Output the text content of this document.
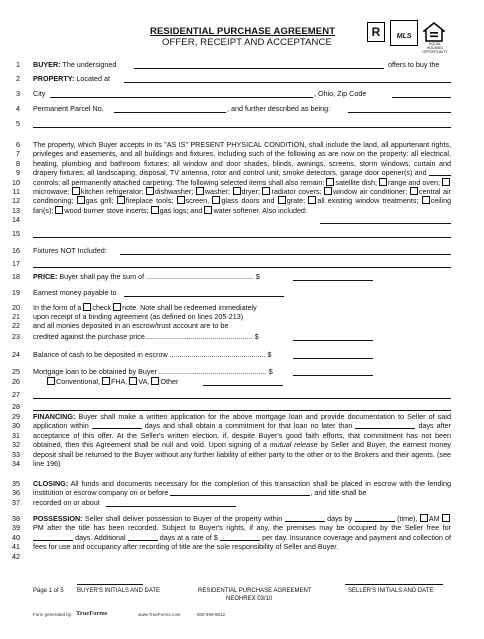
RESIDENTIAL PURCHASE AGREEMENT
OFFER, RECEIPT AND ACCEPTANCE
R	MLS
EQUAL HOUSING OPPORTUNITY
1 BUYER: The undersigned	offers to buy the
2 PROPERTY: Located at
3 City	, Ohio, Zip Code
4 Permanent Parcel No.	, and further described as being:
5
6
7
8
9
10
11
12
13
14
15
The property, which Buyer accepts in its "AS IS" PRESENT PHYSICAL CONDITION, shall include the land, all appurtenant rights, privileges and easements, and all buildings and fixtures, including such of the following as are now on the property: all electrical, heating, plumbing and bathroom fixtures; all window and door shades, blinds, awnings, screens, storm windows, curtain and drapery fixtures; all landscaping, disposal, TV antenna, rotor and control unit, smoke detectors, garage door opener(s) and  controls; all permanently attached carpeting. The following selected items shall also remain: satellite dish; range and oven; microwave; kitchen refrigerator; dishwasher; washer; dryer; radiator covers; window air conditioner; central air conditioning; gas grill; fireplace tools; screen, glass doors and grate; all existing window treatments; ceiling fan(s); wood burner stove inserts; gas logs; and water softener. Also included:
16 Fixtures NOT Included:
17
18 PRICE: Buyer shall pay the sum of ...................................................... $
19 Earnest money payable to
20 In the form of a check note. Note shall be redeemed immediately
21 upon receipt of a binding agreement (as defined on lines 205-213)
22 and all monies deposited in an escrow/trust account are to be
23 credited against the purchase price...................................................... $
24 Balance of cash to be deposited in escrow ................................................ $
25 Mortgage loan to be obtained by Buyer ...................................................... $
26	Conventional, FHA, VA, Other
27
28
29
30
31
32
33
34
FINANCING: Buyer shall make a written application for the above mortgage loan and provide documentation to Seller of said application within	days and shall obtain a commitment for that loan no later than	days after acceptance of this offer. At the Seller's written election, if, despite Buyer's good faith efforts, that commitment has not been obtained, then this Agreement shall be null and void. Upon signing of a mutual release by Seller and Buyer, the earnest money deposit shall be returned to the Buyer without any further liability of either party to the other or to the Brokers and their agents. (see line 196)
35
36
CLOSING: All funds and documents necessary for the completion of this transaction shall be placed in escrow with the lending institution or escrow company on or before	, and title shall be
37 recorded on or about
38
39
40
41
42
POSSESSION: Seller shall deliver possession to Buyer of the property within	days by	(time), AM PM after the title has been recorded. Subject to Buyer's rights, if any, the premises may be occupied by the Seller free for  days. Additional	days at a rate of $	per day. Insurance coverage and payment and collection of fees for use and occupancy after recording of title are the sole responsibility of Seller and Buyer.
Page 1 of 5 BUYER'S INITIALS AND DATE	RESIDENTIAL PURCHASE AGREEMENT
NEOHREX 03/10
SELLER'S INITIALS AND DATE
Form generated by: TrueForms	www.TrueForms.com	800-499-9612
